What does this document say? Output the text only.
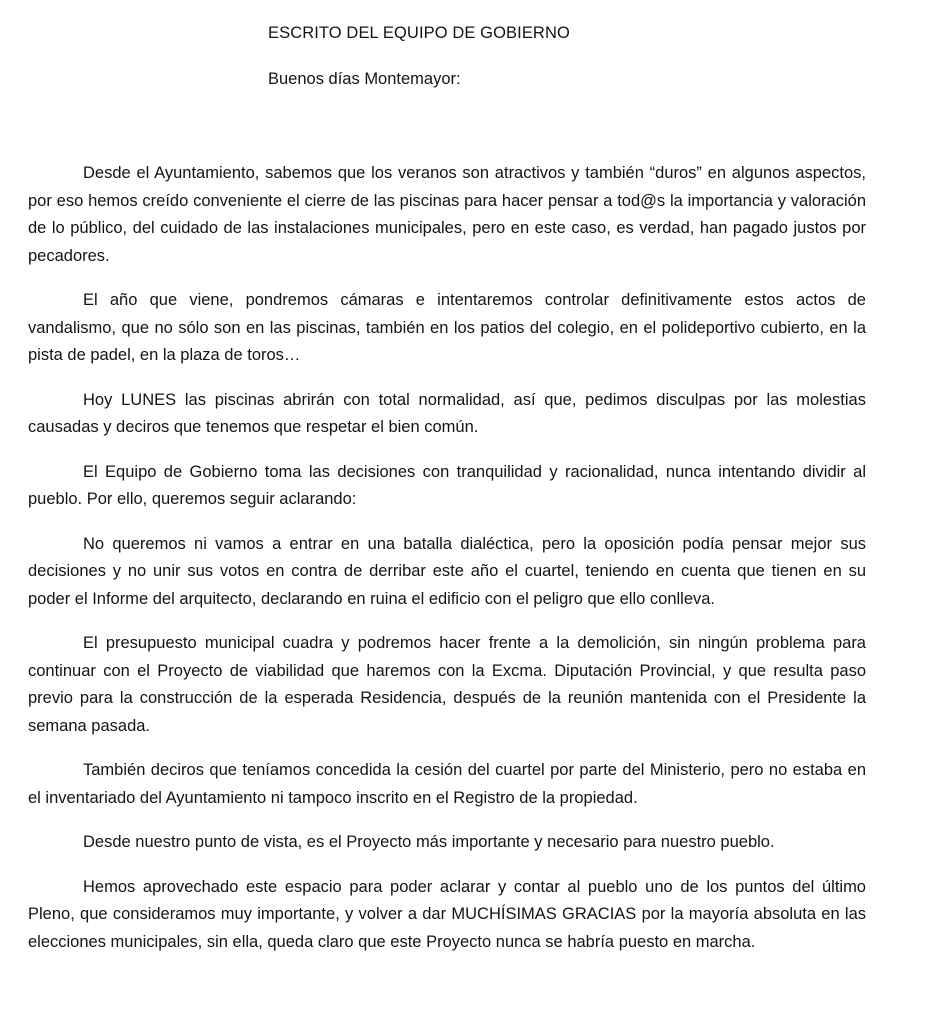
ESCRITO DEL EQUIPO DE GOBIERNO
Buenos días Montemayor:

Desde el Ayuntamiento, sabemos que los veranos son atractivos y también “duros” en algunos aspectos, por eso hemos creído conveniente el cierre de las piscinas para hacer pensar a tod@s la importancia y valoración de lo público, del cuidado de las instalaciones municipales, pero en este caso, es verdad, han pagado justos por pecadores.

El año que viene, pondremos cámaras e intentaremos controlar definitivamente estos actos de vandalismo, que no sólo son en las piscinas, también en los patios del colegio, en el polideportivo cubierto, en la pista de padel, en la plaza de toros…

Hoy LUNES las piscinas abrirán con total normalidad, así que, pedimos disculpas por las molestias causadas y deciros que tenemos que respetar el bien común.

El Equipo de Gobierno toma las decisiones con tranquilidad y racionalidad, nunca intentando dividir al pueblo. Por ello, queremos seguir aclarando:

No queremos ni vamos a entrar en una batalla dialéctica, pero la oposición podía pensar mejor sus decisiones y no unir sus votos en contra de derribar este año el cuartel, teniendo en cuenta que tienen en su poder el Informe del arquitecto, declarando en ruina el edificio con el peligro que ello conlleva.

El presupuesto municipal cuadra y podremos hacer frente a la demolición, sin ningún problema para continuar con el Proyecto de viabilidad que haremos con la Excma. Diputación Provincial, y que resulta paso previo para la construcción de la esperada Residencia, después de la reunión mantenida con el Presidente la semana pasada.

También deciros que teníamos concedida la cesión del cuartel por parte del Ministerio, pero no estaba en el inventariado del Ayuntamiento ni tampoco inscrito en el Registro de la propiedad.

Desde nuestro punto de vista, es el Proyecto más importante y necesario para nuestro pueblo.

Hemos aprovechado este espacio para poder aclarar y contar al pueblo uno de los puntos del último Pleno, que consideramos muy importante, y volver a dar MUCHÍSIMAS GRACIAS por la mayoría absoluta en las elecciones municipales, sin ella, queda claro que este Proyecto nunca se habría puesto en marcha.
